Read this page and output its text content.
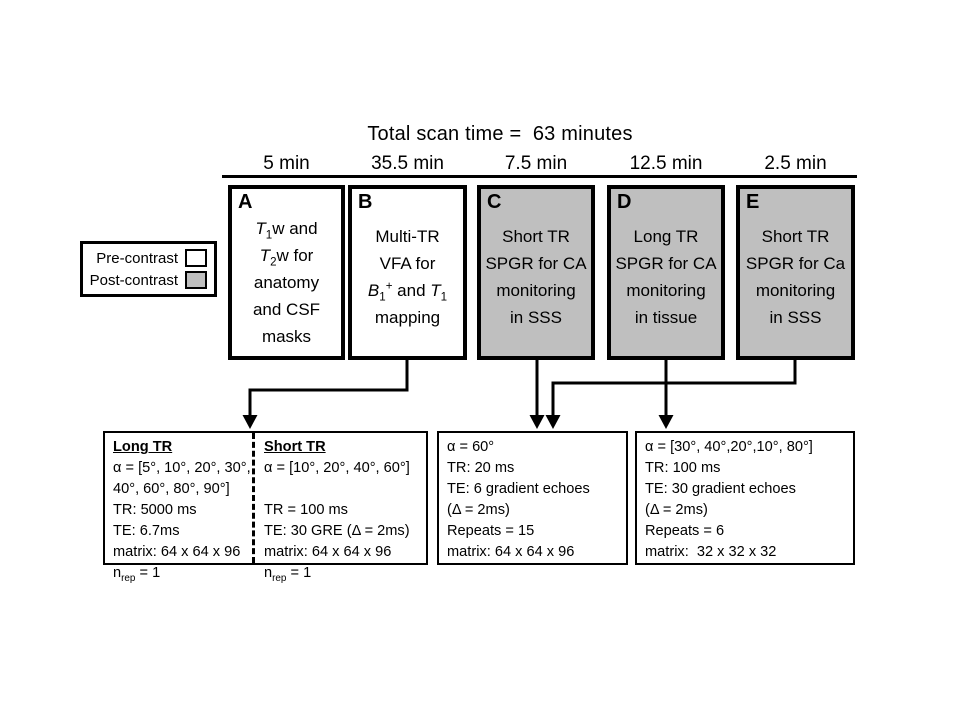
Total scan time =  63 minutes
5 min	35.5 min	7.5 min	12.5 min	2.5 min
Pre-contrast
Post-contrast
A
$T_1w$ and
$T_2w$ for
anatomy
and CSF
masks
B
Multi-TR
VFA for
$B_1^+$ and $T_1$
mapping
C
Short TR
SPGR for CA
monitoring
in SSS
D
Long TR
SPGR for CA
monitoring
in tissue
E
Short TR
SPGR for Ca
monitoring
in SSS
Long TR
α = [5°, 10°, 20°, 30°,
40°, 60°, 80°, 90°]
TR: 5000 ms
TE: 6.7ms
matrix: 64 x 64 x 96
$n_{rep} = 1$
Short TR
α = [10°, 20°, 40°, 60°]
TR = 100 ms
TE: 30 GRE (Δ = 2ms)
matrix: 64 x 64 x 96
$n_{rep} = 1$
α = 60°
TR: 20 ms
TE: 6 gradient echoes
(Δ = 2ms)
Repeats = 15
matrix: 64 x 64 x 96
α = [30°, 40°,20°,10°, 80°]
TR: 100 ms
TE: 30 gradient echoes
(Δ = 2ms)
Repeats = 6
matrix:  32 x 32 x 32
